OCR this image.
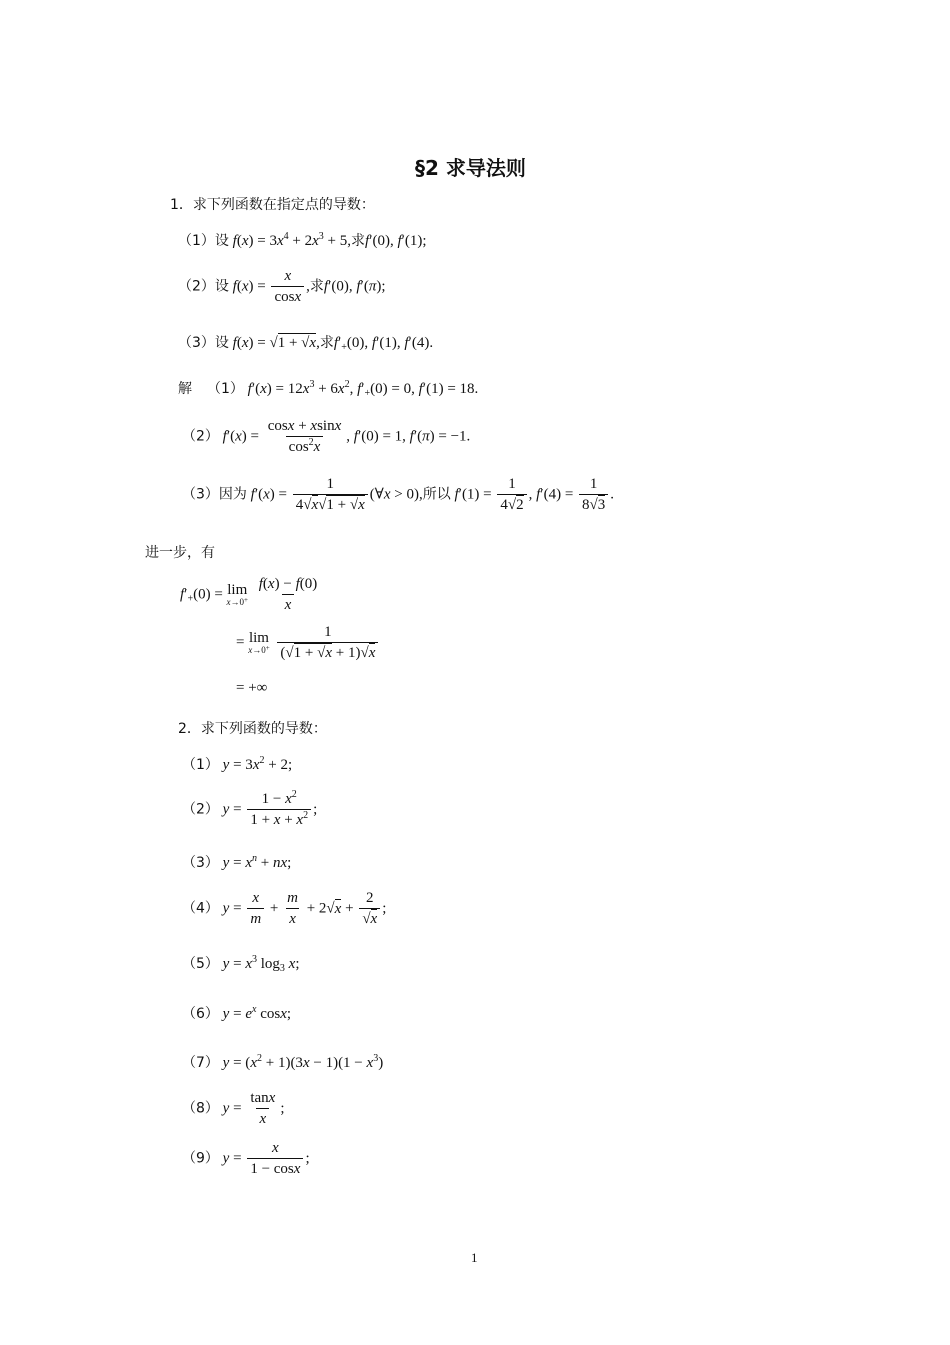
§2 求导法则
1．求下列函数在指定点的导数：
（1）设 $f(x) = 3x^4 + 2x^3 + 5$,求f′(0), f′(1);
（2）设 $f(x) = \frac{x}{\cos x}$ ,求f′(0), f′(π);
（3）设 f(x) = √1 + √x,求$f'_+(0)$, f′(1), f′(4).
解 （1） $f'(x) = 12x^3 + 6x^2$, $f'_+(0) = 0$, f′(1) = 18.
（2） $f'(x) = \frac{\cos x + xsinx}{\cos^2x}$ , f′(0) = 1, f′(π) = −1.
（3）因为 $f'(x) = \frac{1}{4√x√1 + √x}$ (∀x > 0),所以 $f'(1) = \frac{1}{4√2}$ , $f'(4) = \frac{1}{8√3}$ .
进一步，有
$f'_+(0) = \lim$
x→0+
$\frac{f(x) - f(0)}{x}$
= lim
x→0+
$\frac{1}{(√1 + √x + 1)√x}$
= +∞
2．求下列函数的导数：
（1） $y = 3x^2 + 2$;
（2） $y = \frac{1 - x^2}{1 + x + x^2}$ ;
（3） $y = x^n$ + nx;
（4） $y = \frac{x}{m} + \frac{m}{x} + 2√x + \frac{2}{√x}$ ;
（5） $y = x^3$ $\log_3 x$;
（6） $y = e^x$ cosx;
（7） $y = (x^2 + 1)(3x - 1)(1 - x^3)$
（8） $y = \frac{\tan x}{x}$ ;
（9） $y = \frac{x}{1 - \cos x}$ ;
1
